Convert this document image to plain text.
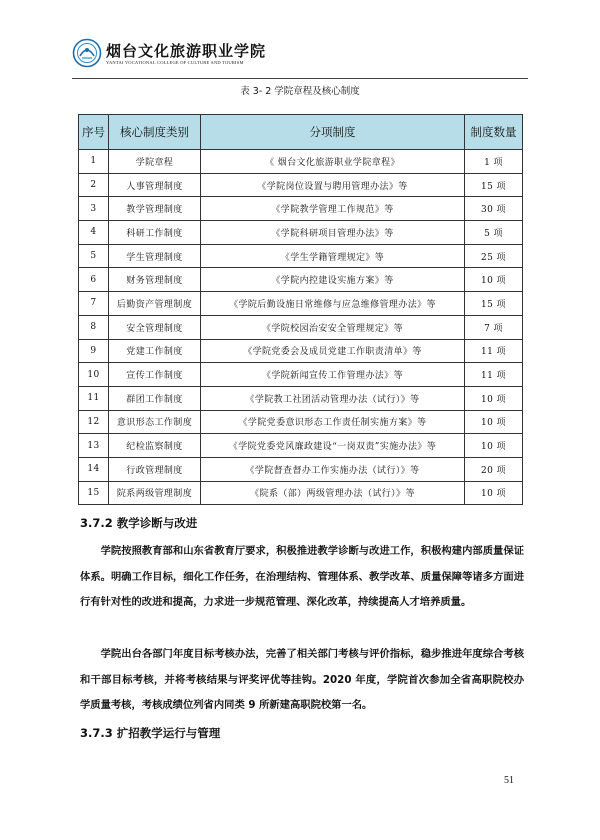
烟台文化旅游职业学院
YANTAI VOCATIONAL COLLEGE OF CULTURE AND TOURISM
表 3- 2 学院章程及核心制度
序号	核心制度类别	分项制度	制度数量
1	学院章程	《 烟台文化旅游职业学院章程》	1 项
2	人事管理制度	《学院岗位设置与聘用管理办法》等	15 项
3	教学管理制度	《学院教学管理工作规范》等	30 项
4	科研工作制度	《学院科研项目管理办法》等	5 项
5	学生管理制度	《学生学籍管理规定》等	25 项
6	财务管理制度	《学院内控建设实施方案》等	10 项
7	后勤资产管理制度	《学院后勤设施日常维修与应急维修管理办法》等	15 项
8	安全管理制度	《学院校园治安安全管理规定》等	7 项
9	党建工作制度	《学院党委会及成员党建工作职责清单》等	11 项
10	宣传工作制度	《学院新闻宣传工作管理办法》等	11 项
11	群团工作制度	《学院教工社团活动管理办法（试行）》等	10 项
12	意识形态工作制度	《学院党委意识形态工作责任制实施方案》等	10 项
13	纪检监察制度	《学院党委党风廉政建设“一岗双责”实施办法》等	10 项
14	行政管理制度	《学院督查督办工作实施办法（试行）》等	20 项
15	院系两级管理制度	《院系（部）两级管理办法（试行）》等	10 项
3.7.2 教学诊断与改进

学院按照教育部和山东省教育厅要求，积极推进教学诊断与改进工作，积极构建内部质量保证体系。明确工作目标，细化工作任务，在治理结构、管理体系、教学改革、质量保障等诸多方面进行有针对性的改进和提高，力求进一步规范管理、深化改革，持续提高人才培养质量。

学院出台各部门年度目标考核办法，完善了相关部门考核与评价指标，稳步推进年度综合考核和干部目标考核，并将考核结果与评奖评优等挂钩。2020 年度，学院首次参加全省高职院校办学质量考核，考核成绩位列省内同类 9 所新建高职院校第一名。

3.7.3 扩招教学运行与管理
51
